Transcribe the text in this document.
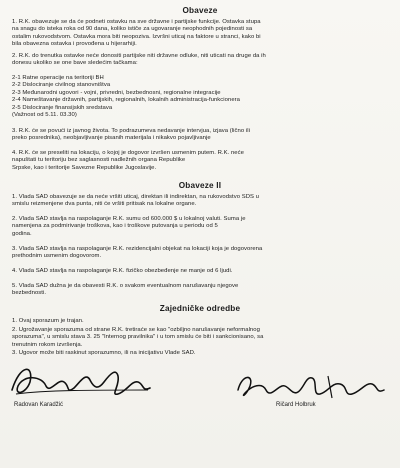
Obaveze
1. R.K. obavezuje se da će podneti ostavku na sve državne i partijske funkcije. Ostavka stupa
na snagu do isteka roka od 90 dana, koliko ističe za ugovaranje neophodnih pojedinosti sa
ostalim rukovodstvom. Ostavka mora biti neopoziva. Izvršni uticaj na faktore u stranci, kako bi
bila obavezna ostavka i provođena u hijerarhiji.
2. R.K. do trenutka ostavke neće donositi partijske niti državne odluke, niti uticati na druge da ih
donesu ukoliko se one bave sledećim tačkama:
2-1 Ratne operacije na teritoriji BH
2-2 Dislociranje civilnog stanovništva
2-3 Međunarodni ugovori - vojni, privredni, bezbednosni, regionalne integracije
2-4 Nameštavanje državnih, partijskih, regionalnih, lokalnih administracija-funkcionera
2-5 Dislociranje finansijskih sredstava
(Važnost od 5.11. 03.30)
3. R.K. će se povući iz javnog života. To podrazumeva nedavanje intervjua, izjava (lično ili
preko posrednika), neobjavljivanje pisanih materijala i nikakvo pojavljivanje
4. R.K. će se preseliti na lokaciju, o kojoj je dogovor izvršen usmenim putem. R.K. neće
napuštati tu teritoriju bez saglasnosti nadležnih organa Republike
Srpske, kao i teritorije Savezne Republike Jugoslavije.
Obaveze II
1. Vlada SAD obavezuje se da neće vršiti uticaj, direktan ili indirektan, na rukovodstvo SDS u
smislu reizmenjene dva punta, niti će vršiti pritisak na lokalne organe.
2. Vlada SAD stavlja na raspolaganje R.K. sumu od 600.000 $ u lokalnoj valuti. Suma je
namenjena za podmirivanje troškova, kao i troškove putovanja u periodu od 5
godina.
3. Vlada SAD stavlja na raspolaganje R.K. rezidencijalni objekat na lokaciji koja je dogovorena
prethodnim usmenim dogovorom.
4. Vlada SAD stavlja na raspolaganje R.K. fizičko obezbeđenje ne manje od 6 ljudi.
5. Vlada SAD dužna je da obavesti R.K. o svakom eventualnom narušavanju njegove
bezbednosti.
Zajedničke odredbe
1. Ovaj sporazum je trajan.
2. Ugrožavanje sporazuma od strane R.K. tretiraće se kao "ozbiljno narušavanje neformalnog
sporazuma", u smislu stava 3. 25 "Internog pravilnika" i u tom smislu će biti i sankcionisano, sa
trenutnim rokom izvršenja.
3. Ugovor može biti raskinut sporazumno, ili na inicijativu Vlade SAD.
Radovan Karadžić	Ričard Holbruk
